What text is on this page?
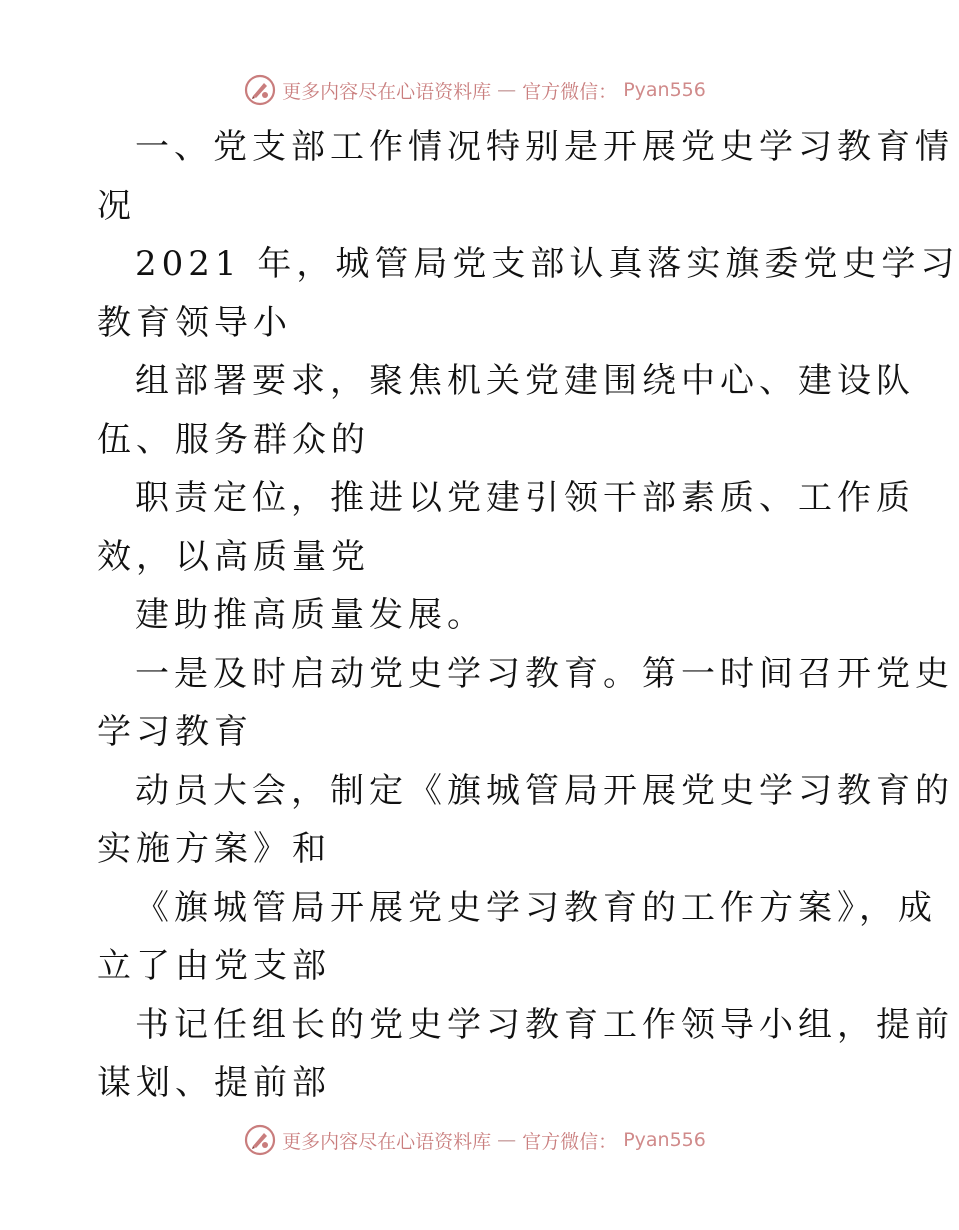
更多内容尽在心语资料库 — 官方微信： Pyan556
一、党支部工作情况特别是开展党史学习教育情
况
2021 年，城管局党支部认真落实旗委党史学习
教育领导小
组部署要求，聚焦机关党建围绕中心、建设队
伍、服务群众的
职责定位，推进以党建引领干部素质、工作质
效，以高质量党
建助推高质量发展。
一是及时启动党史学习教育。第一时间召开党史
学习教育
动员大会，制定《旗城管局开展党史学习教育的
实施方案》和
《旗城管局开展党史学习教育的工作方案》，成
立了由党支部
书记任组长的党史学习教育工作领导小组，提前
谋划、提前部
更多内容尽在心语资料库 — 官方微信： Pyan556
